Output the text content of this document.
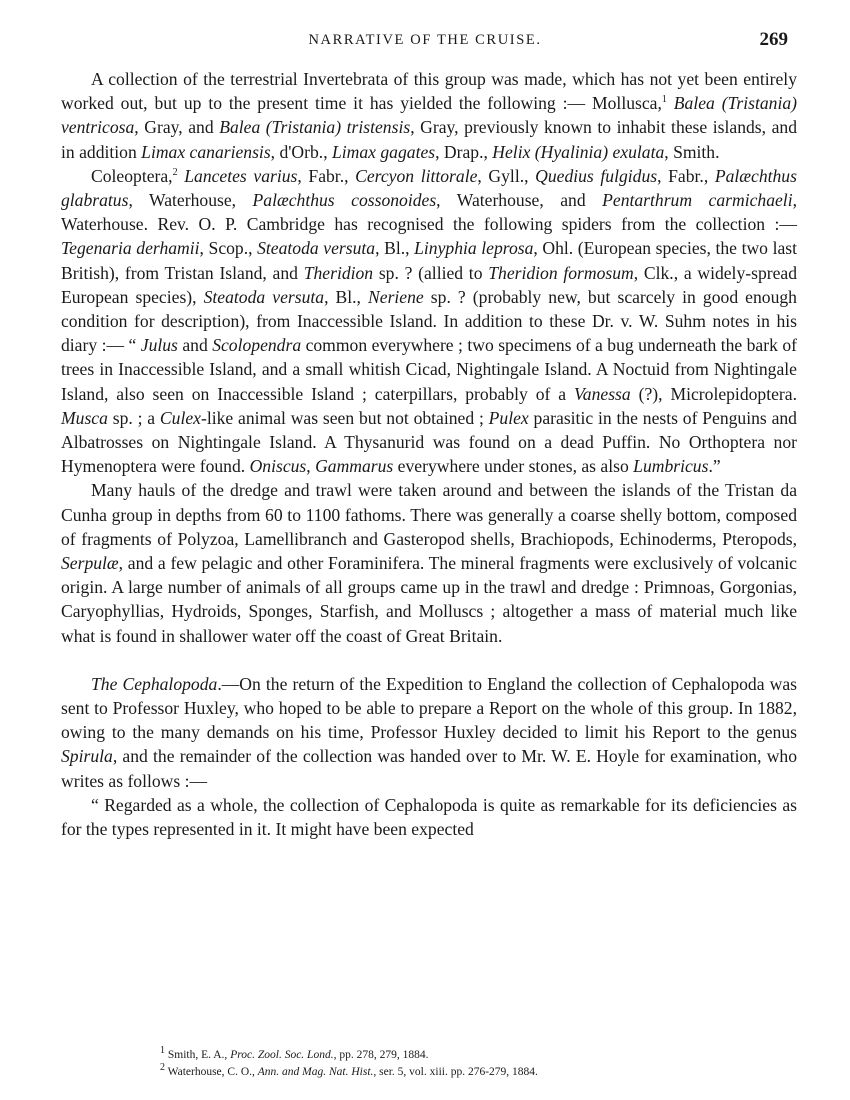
NARRATIVE OF THE CRUISE.	269

A collection of the terrestrial Invertebrata of this group was made, which has not yet been entirely worked out, but up to the present time it has yielded the following :— Mollusca,$^1$ Balea (Tristania) ventricosa, Gray, and Balea (Tristania) tristensis, Gray, previously known to inhabit these islands, and in addition Limax canariensis, d'Orb., Limax gagates, Drap., Helix (Hyalinia) exulata, Smith.

Coleoptera,$^2$ Lancetes varius, Fabr., Cercyon littorale, Gyll., Quedius fulgidus, Fabr., Palæchthus glabratus, Waterhouse, Palæchthus cossonoides, Waterhouse, and Pentarthrum carmichaeli, Waterhouse. Rev. O. P. Cambridge has recognised the following spiders from the collection :— Tegenaria derhamii, Scop., Steatoda versuta, Bl., Linyphia leprosa, Ohl. (European species, the two last British), from Tristan Island, and Theridion sp. ? (allied to Theridion formosum, Clk., a widely-spread European species), Steatoda versuta, Bl., Neriene sp. ? (probably new, but scarcely in good enough condition for description), from Inaccessible Island. In addition to these Dr. v. W. Suhm notes in his diary :— “ Julus and Scolopendra common everywhere ; two specimens of a bug underneath the bark of trees in Inaccessible Island, and a small whitish Cicad, Nightingale Island. A Noctuid from Nightingale Island, also seen on Inaccessible Island ; caterpillars, probably of a Vanessa (?), Microlepidoptera. Musca sp. ; a Culex-like animal was seen but not obtained ; Pulex parasitic in the nests of Penguins and Albatrosses on Nightingale Island. A Thysanurid was found on a dead Puffin. No Orthoptera nor Hymenoptera were found. Oniscus, Gammarus everywhere under stones, as also Lumbricus.”

Many hauls of the dredge and trawl were taken around and between the islands of the Tristan da Cunha group in depths from 60 to 1100 fathoms. There was generally a coarse shelly bottom, composed of fragments of Polyzoa, Lamellibranch and Gasteropod shells, Brachiopods, Echinoderms, Pteropods, Serpulæ, and a few pelagic and other Foraminifera. The mineral fragments were exclusively of volcanic origin. A large number of animals of all groups came up in the trawl and dredge : Primnoas, Gorgonias, Caryophyllias, Hydroids, Sponges, Starfish, and Molluscs ; altogether a mass of material much like what is found in shallower water off the coast of Great Britain.

The Cephalopoda.—On the return of the Expedition to England the collection of Cephalopoda was sent to Professor Huxley, who hoped to be able to prepare a Report on the whole of this group. In 1882, owing to the many demands on his time, Professor Huxley decided to limit his Report to the genus Spirula, and the remainder of the collection was handed over to Mr. W. E. Hoyle for examination, who writes as follows :—

“ Regarded as a whole, the collection of Cephalopoda is quite as remarkable for its deficiencies as for the types represented in it. It might have been expected

$^1$ Smith, E. A., Proc. Zool. Soc. Lond., pp. 278, 279, 1884.
$^2$ Waterhouse, C. O., Ann. and Mag. Nat. Hist., ser. 5, vol. xiii. pp. 276-279, 1884.
